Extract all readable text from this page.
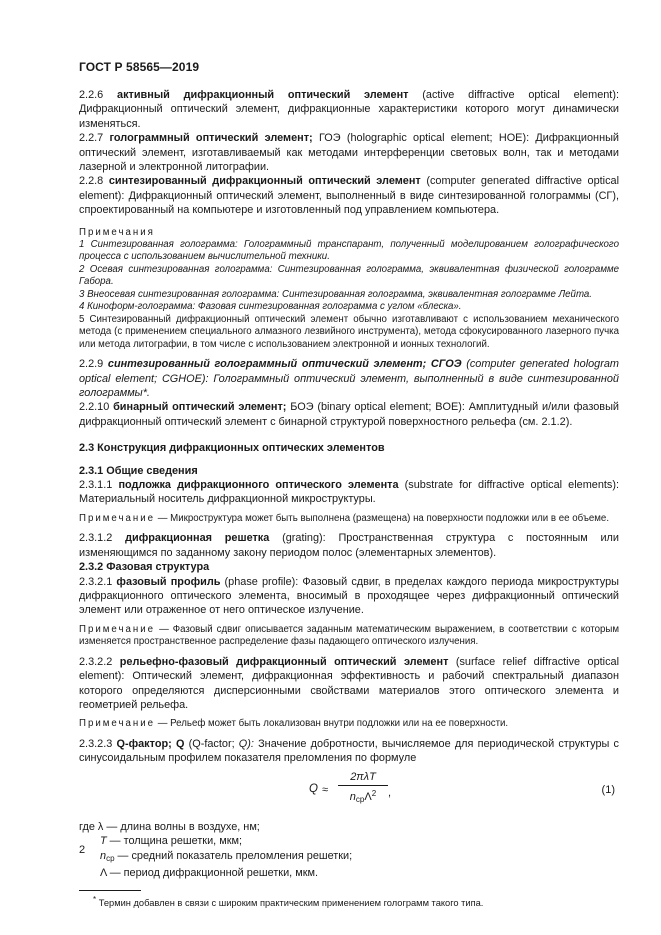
ГОСТ Р 58565—2019

2.2.6 активный дифракционный оптический элемент (active diffractive optical element): Дифракционный оптический элемент, дифракционные характеристики которого могут динамически изменяться.

2.2.7 голограммный оптический элемент; ГОЭ (holographic optical element; HOE): Дифракционный оптический элемент, изготавливаемый как методами интерференции световых волн, так и методами лазерной и электронной литографии.

2.2.8 синтезированный дифракционный оптический элемент (computer generated diffractive optical element): Дифракционный оптический элемент, выполненный в виде синтезированной голограммы (СГ), спроектированный на компьютере и изготовленный под управлением компьютера.

Примечания

1 Синтезированная голограмма: Голограммный транспарант, полученный моделированием голографического процесса с использованием вычислительной техники.

2 Осевая синтезированная голограмма: Синтезированная голограмма, эквивалентная физической голограмме Габора.

3 Внеосевая синтезированная голограмма: Синтезированная голограмма, эквивалентная голограмме Лейта.

4 Киноформ-голограмма: Фазовая синтезированная голограмма с углом «блеска».

5 Синтезированный дифракционный оптический элемент обычно изготавливают с использованием механического метода (с применением специального алмазного лезвийного инструмента), метода сфокусированного лазерного пучка или метода литографии, в том числе с использованием электронной и ионных технологий.

2.2.9 синтезированный голограммный оптический элемент; СГОЭ (computer generated hologram optical element; CGHOE): Голограммный оптический элемент, выполненный в виде синтезированной голограммы*.

2.2.10 бинарный оптический элемент; БОЭ (binary optical element; BOE): Амплитудный и/или фазовый дифракционный оптический элемент с бинарной структурой поверхностного рельефа (см. 2.1.2).

2.3 Конструкция дифракционных оптических элементов
2.3.1 Общие сведения

2.3.1.1 подложка дифракционного оптического элемента (substrate for diffractive optical elements): Материальный носитель дифракционной микроструктуры.

Примечание — Микроструктура может быть выполнена (размещена) на поверхности подложки или в ее объеме.

2.3.1.2 дифракционная решетка (grating): Пространственная структура с постоянным или изменяющимся по заданному закону периодом полос (элементарных элементов).

2.3.2 Фазовая структура

2.3.2.1 фазовый профиль (phase profile): Фазовый сдвиг, в пределах каждого периода микроструктуры дифракционного оптического элемента, вносимый в проходящее через дифракционный оптический элемент или отраженное от него оптическое излучение.

Примечание — Фазовый сдвиг описывается заданным математическим выражением, в соответствии с которым изменяется пространственное распределение фазы падающего оптического излучения.

2.3.2.2 рельефно-фазовый дифракционный оптический элемент (surface relief diffractive optical element): Оптический элемент, дифракционная эффективность и рабочий спектральный диапазон которого определяются дисперсионными свойствами материалов этого оптического элемента и геометрией рельефа.

Примечание — Рельеф может быть локализован внутри подложки или на ее поверхности.

2.3.2.3 Q-фактор; Q (Q-factor; Q): Значение добротности, вычисляемое для периодической структуры с синусоидальным профилем показателя преломления по формуле

Q ≈
2πλT
$n_{ср}\Lambda^2$	,	(1)
где λ — длина волны в воздухе, нм;
T — толщина решетки, мкм;
$n_{ср}$ — средний показатель преломления решетки;
Λ — период дифракционной решетки, мкм.
* Термин добавлен в связи с широким практическим применением голограмм такого типа.
2
